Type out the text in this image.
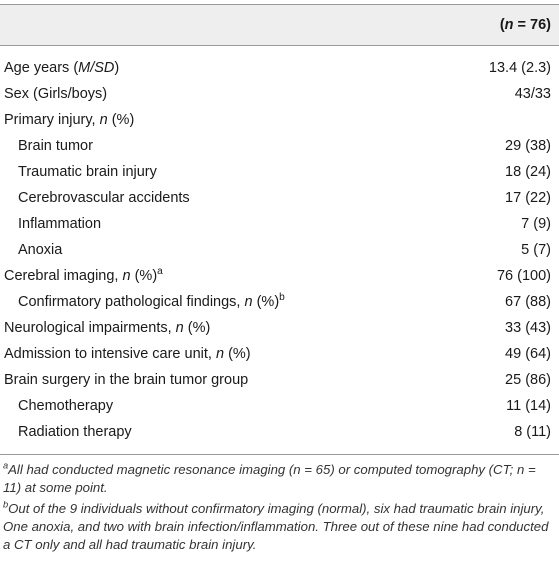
(n = 76)
Age years (M/SD)	13.4 (2.3)
Sex (Girls/boys)	43/33
Primary injury, n (%)
Brain tumor	29 (38)
Traumatic brain injury	18 (24)
Cerebrovascular accidents	17 (22)
Inflammation	7 (9)
Anoxia	5 (7)
Cerebral imaging, n (%)$^a$	76 (100)
Confirmatory pathological findings, n (%)$^b$	67 (88)
Neurological impairments, n (%)	33 (43)
Admission to intensive care unit, n (%)	49 (64)
Brain surgery in the brain tumor group	25 (86)
Chemotherapy	11 (14)
Radiation therapy	8 (11)
$^a$All had conducted magnetic resonance imaging (n = 65) or computed tomography (CT; n = 11) at some point.
$^b$Out of the 9 individuals without confirmatory imaging (normal), six had traumatic brain injury, One anoxia, and two with brain infection/inflammation. Three out of these nine had conducted a CT only and all had traumatic brain injury.
